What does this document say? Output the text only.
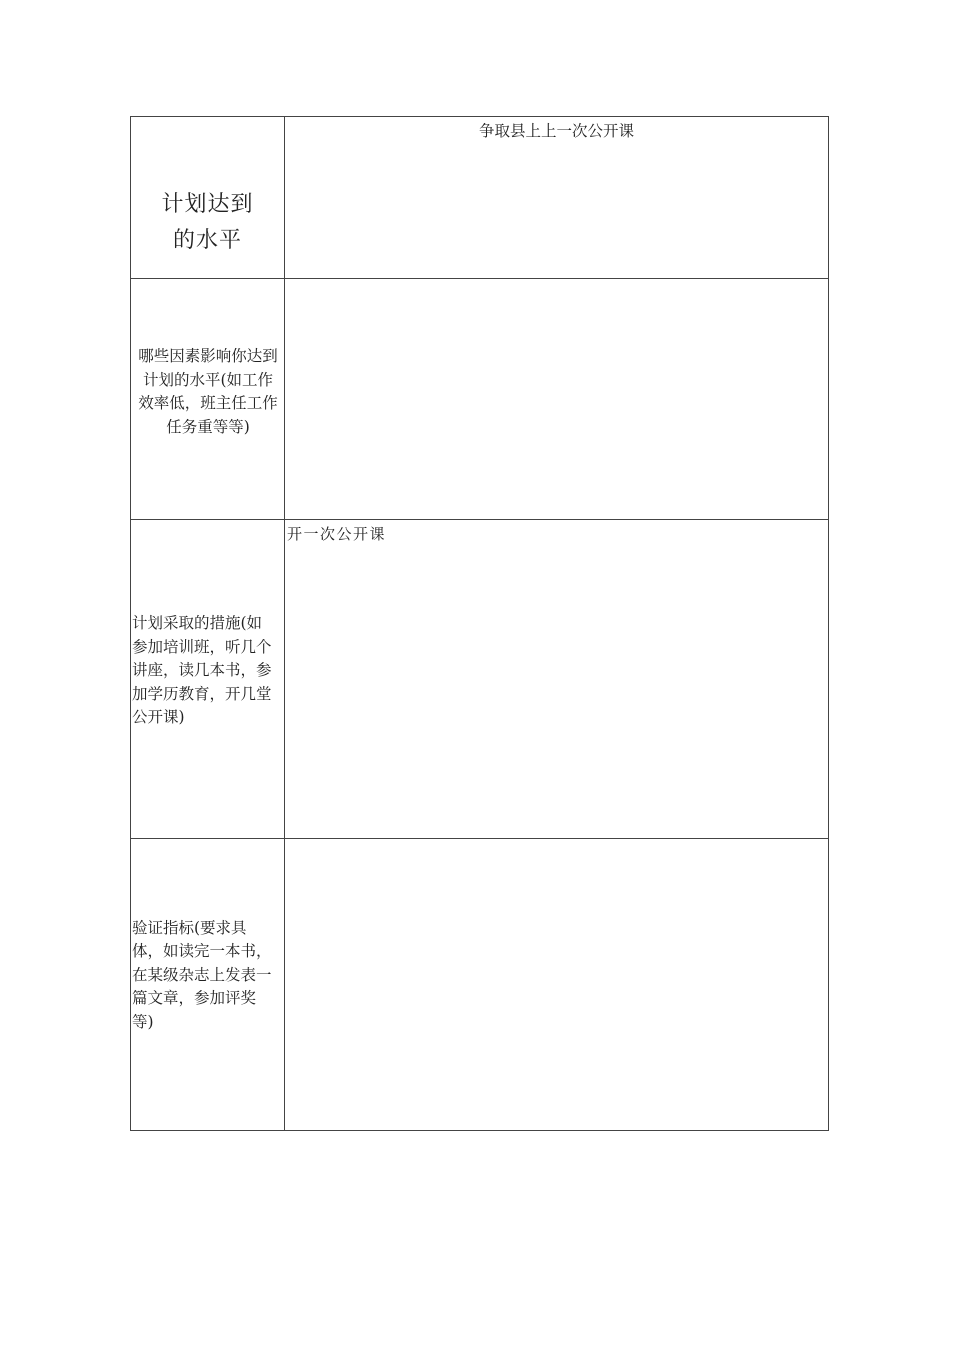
计划达到
的水平	争取县上上一次公开课

哪些因素影响你达到
计划的水平(如工作
效率低，班主任工作
任务重等等)	

计划采取的措施(如
参加培训班，听几个
讲座，读几本书，参
加学历教育，开几堂
公开课)	开一次公开课

验证指标(要求具
体，如读完一本书，
在某级杂志上发表一
篇文章，参加评奖
等)	
